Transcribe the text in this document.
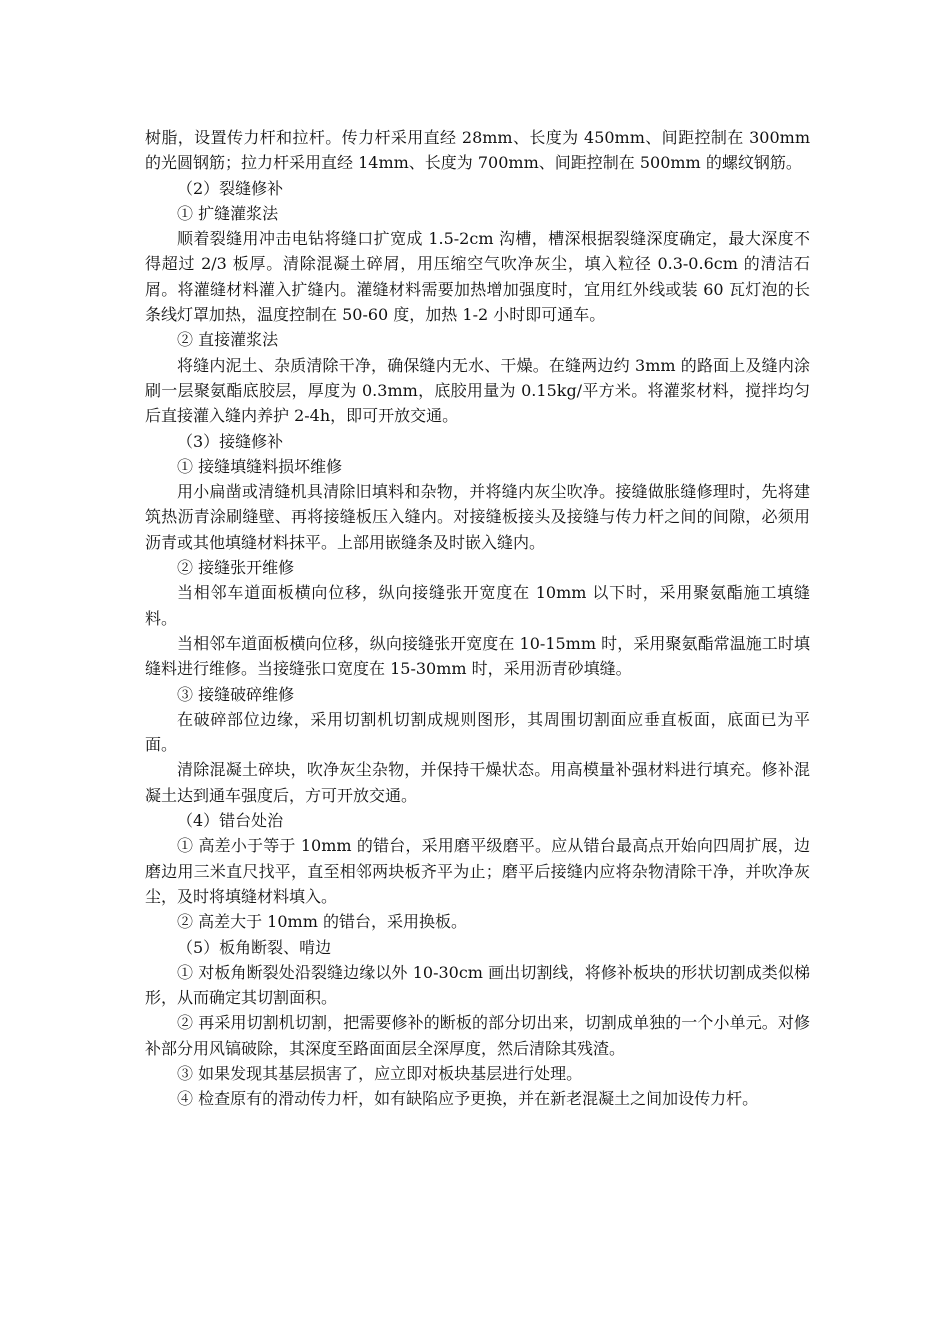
树脂，设置传力杆和拉杆。传力杆采用直经 28mm、长度为 450mm、间距控制在 300mm 的光圆钢筋；拉力杆采用直经 14mm、长度为 700mm、间距控制在 500mm 的螺纹钢筋。

（2）裂缝修补

① 扩缝灌浆法

顺着裂缝用冲击电钻将缝口扩宽成 1.5-2cm 沟槽，槽深根据裂缝深度确定，最大深度不得超过 2/3 板厚。清除混凝土碎屑，用压缩空气吹净灰尘，填入粒径 0.3-0.6cm 的清洁石屑。将灌缝材料灌入扩缝内。灌缝材料需要加热增加强度时，宜用红外线或装 60 瓦灯泡的长条线灯罩加热，温度控制在 50-60 度，加热 1-2 小时即可通车。

② 直接灌浆法

将缝内泥土、杂质清除干净，确保缝内无水、干燥。在缝两边约 3mm 的路面上及缝内涂刷一层聚氨酯底胶层，厚度为 0.3mm，底胶用量为 0.15kg/平方米。将灌浆材料，搅拌均匀后直接灌入缝内养护 2-4h，即可开放交通。

（3）接缝修补

① 接缝填缝料损坏维修

用小扁凿或清缝机具清除旧填料和杂物，并将缝内灰尘吹净。接缝做胀缝修理时，先将建筑热沥青涂刷缝壁、再将接缝板压入缝内。对接缝板接头及接缝与传力杆之间的间隙，必须用沥青或其他填缝材料抹平。上部用嵌缝条及时嵌入缝内。

② 接缝张开维修

当相邻车道面板横向位移，纵向接缝张开宽度在 10mm 以下时，采用聚氨酯施工填缝料。

当相邻车道面板横向位移，纵向接缝张开宽度在 10-15mm 时，采用聚氨酯常温施工时填缝料进行维修。当接缝张口宽度在 15-30mm 时，采用沥青砂填缝。

③ 接缝破碎维修

在破碎部位边缘，采用切割机切割成规则图形，其周围切割面应垂直板面，底面已为平面。

清除混凝土碎块，吹净灰尘杂物，并保持干燥状态。用高模量补强材料进行填充。修补混凝土达到通车强度后，方可开放交通。

（4）错台处治

① 高差小于等于 10mm 的错台，采用磨平级磨平。应从错台最高点开始向四周扩展，边磨边用三米直尺找平，直至相邻两块板齐平为止；磨平后接缝内应将杂物清除干净，并吹净灰尘，及时将填缝材料填入。

② 高差大于 10mm 的错台，采用换板。

（5）板角断裂、啃边

① 对板角断裂处沿裂缝边缘以外 10-30cm 画出切割线，将修补板块的形状切割成类似梯形，从而确定其切割面积。

② 再采用切割机切割，把需要修补的断板的部分切出来，切割成单独的一个小单元。对修补部分用风镐破除，其深度至路面面层全深厚度，然后清除其残渣。

③ 如果发现其基层损害了，应立即对板块基层进行处理。

④ 检查原有的滑动传力杆，如有缺陷应予更换，并在新老混凝土之间加设传力杆。
